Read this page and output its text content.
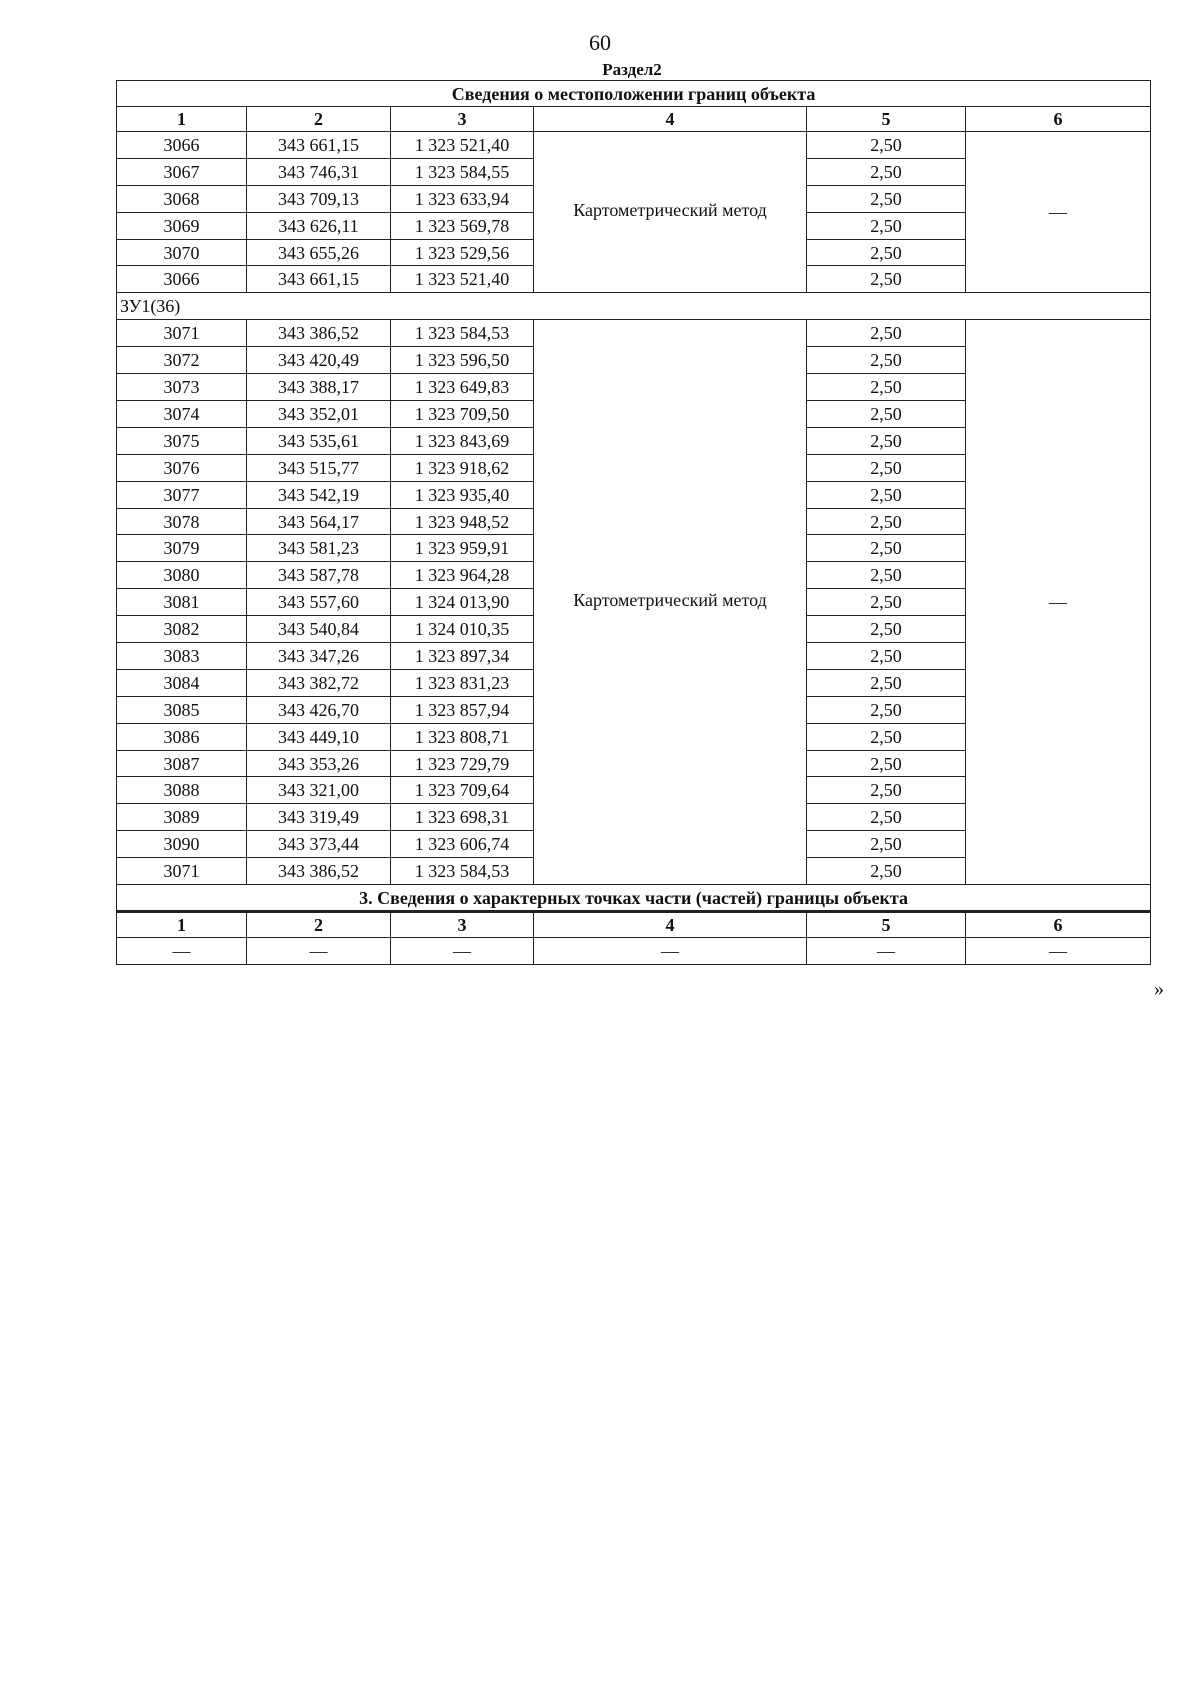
60
Раздел2
Сведения о местоположении границ объекта					
1	2	3	4	5	6
3066	343 661,15	1 323 521,40	Картометрический метод	2,50	—
3067	343 746,31	1 323 584,55		2,50	
3068	343 709,13	1 323 633,94		2,50	
3069	343 626,11	1 323 569,78		2,50	
3070	343 655,26	1 323 529,56		2,50	
3066	343 661,15	1 323 521,40		2,50	
ЗУ1(36)					
3071	343 386,52	1 323 584,53	Картометрический метод	2,50	—
3072	343 420,49	1 323 596,50		2,50	
3073	343 388,17	1 323 649,83		2,50	
3074	343 352,01	1 323 709,50		2,50	
3075	343 535,61	1 323 843,69		2,50	
3076	343 515,77	1 323 918,62		2,50	
3077	343 542,19	1 323 935,40		2,50	
3078	343 564,17	1 323 948,52		2,50	
3079	343 581,23	1 323 959,91		2,50	
3080	343 587,78	1 323 964,28		2,50	
3081	343 557,60	1 324 013,90		2,50	
3082	343 540,84	1 324 010,35		2,50	
3083	343 347,26	1 323 897,34		2,50	
3084	343 382,72	1 323 831,23		2,50	
3085	343 426,70	1 323 857,94		2,50	
3086	343 449,10	1 323 808,71		2,50	
3087	343 353,26	1 323 729,79		2,50	
3088	343 321,00	1 323 709,64		2,50	
3089	343 319,49	1 323 698,31		2,50	
3090	343 373,44	1 323 606,74		2,50	
3071	343 386,52	1 323 584,53		2,50	
3. Сведения о характерных точках части (частей) границы объекта					
1	2	3	4	5	6
—	—	—	—	—	—
»
